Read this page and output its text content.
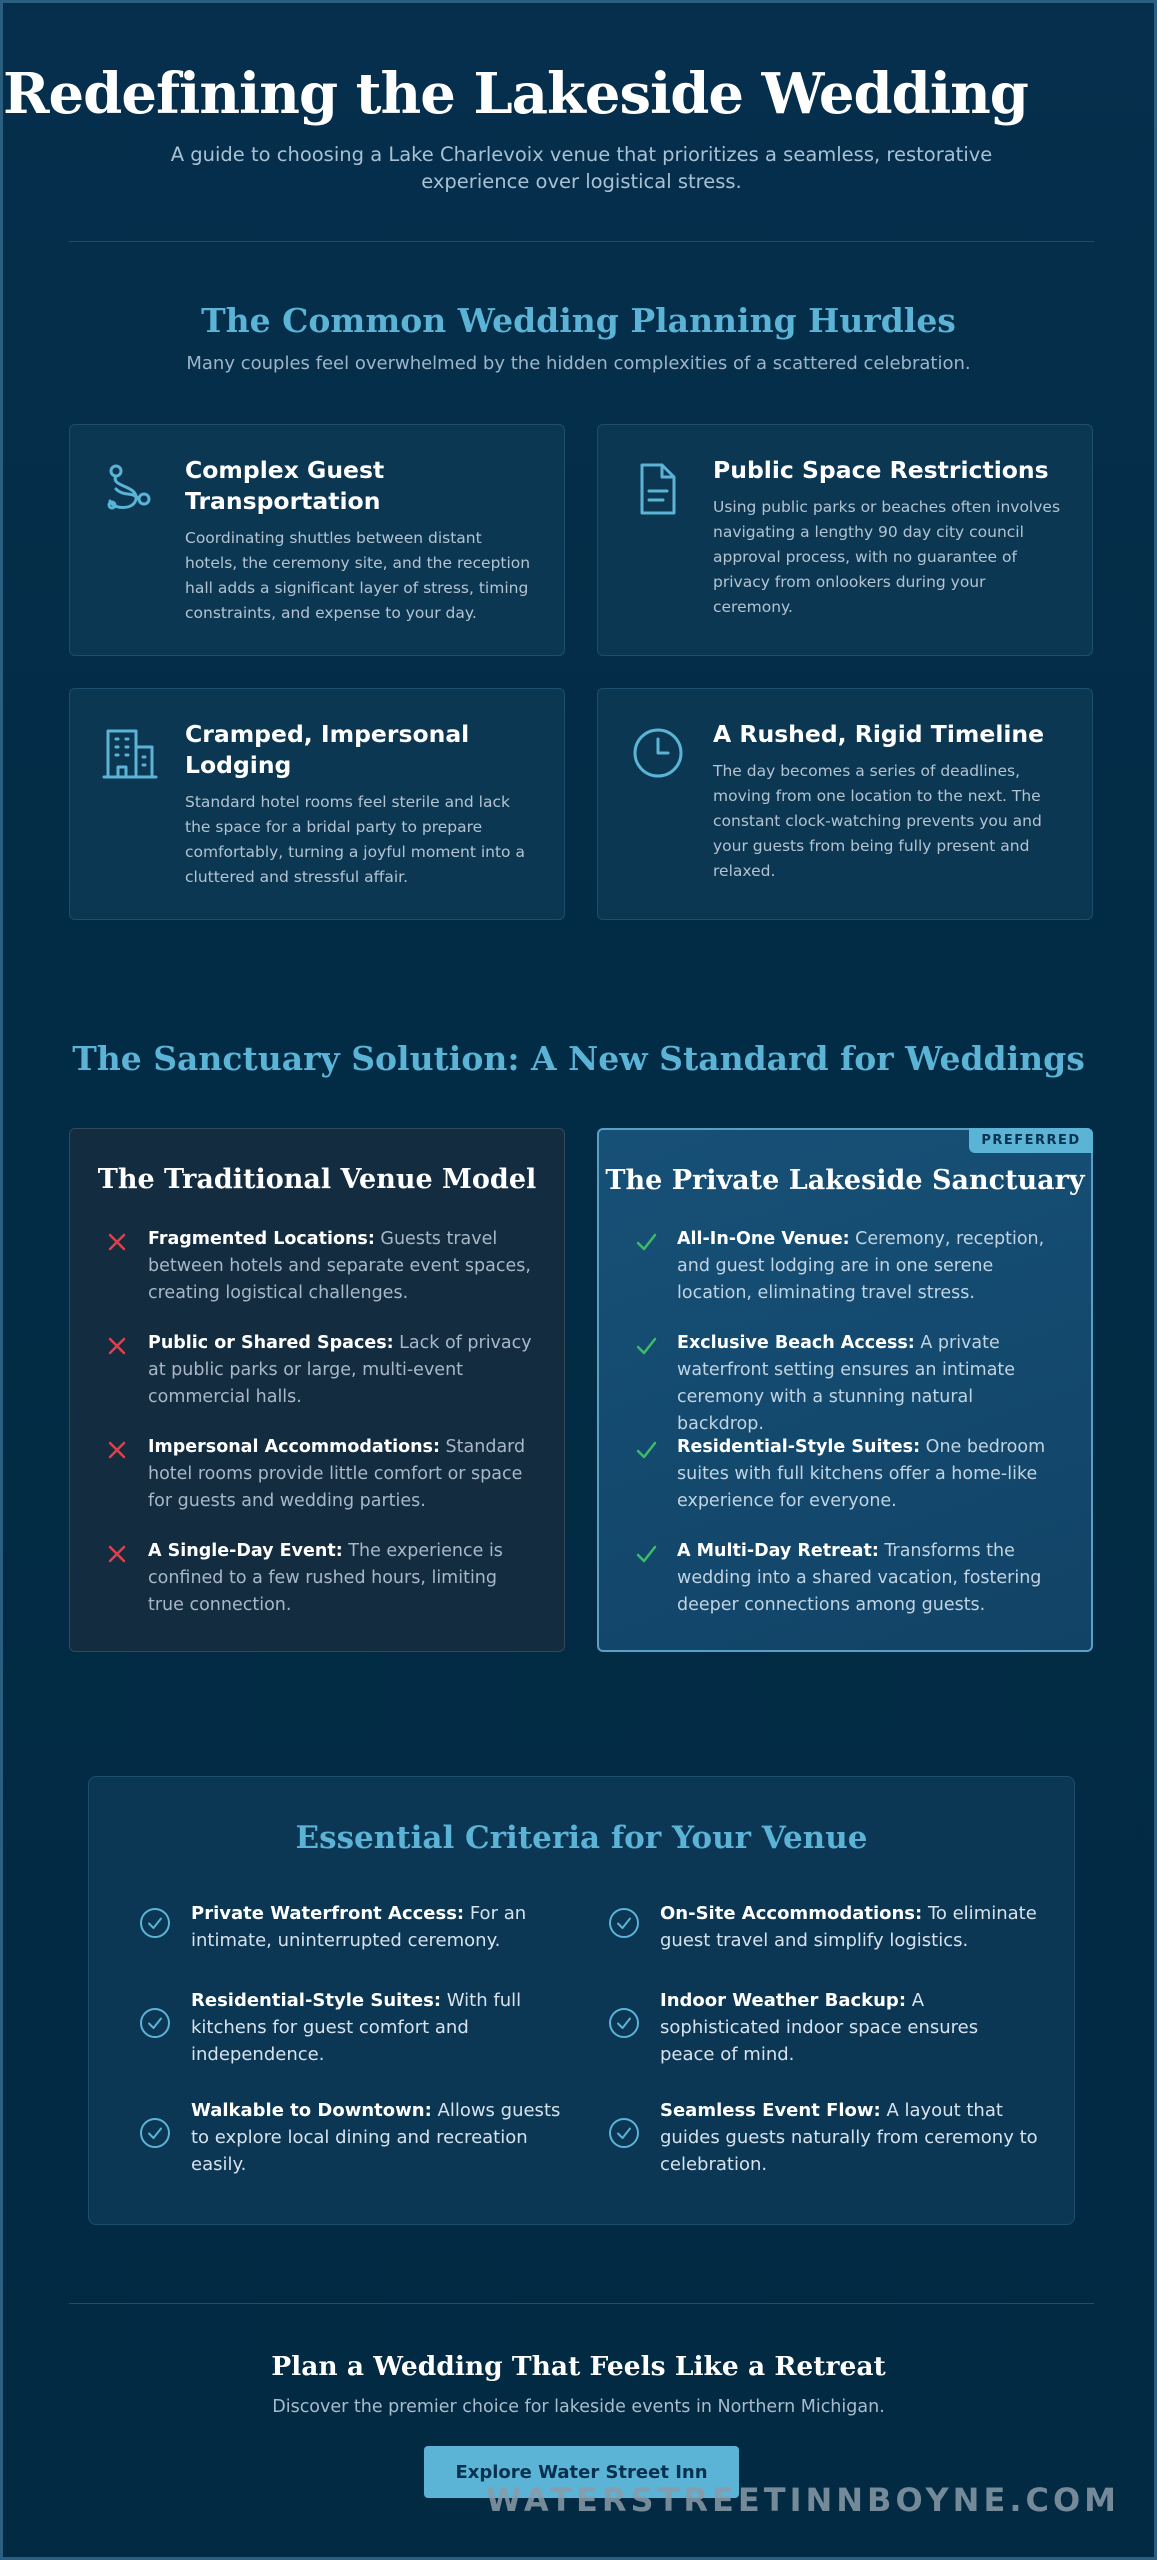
Redefining the Lakeside Wedding

A guide to choosing a Lake Charlevoix venue that prioritizes a seamless, restorative experience over logistical stress.

The Common Wedding Planning Hurdles

Many couples feel overwhelmed by the hidden complexities of a scattered celebration.

Complex Guest Transportation

Coordinating shuttles between distant hotels, the ceremony site, and the reception hall adds a significant layer of stress, timing constraints, and expense to your day.

Public Space Restrictions

Using public parks or beaches often involves navigating a lengthy 90 day city council approval process, with no guarantee of privacy from onlookers during your ceremony.

Cramped, Impersonal Lodging

Standard hotel rooms feel sterile and lack the space for a bridal party to prepare comfortably, turning a joyful moment into a cluttered and stressful affair.

A Rushed, Rigid Timeline

The day becomes a series of deadlines, moving from one location to the next. The constant clock-watching prevents you and your guests from being fully present and relaxed.

The Sanctuary Solution: A New Standard for Weddings
The Traditional Venue Model

Fragmented Locations: Guests travel between hotels and separate event spaces, creating logistical challenges.

Public or Shared Spaces: Lack of privacy at public parks or large, multi-event commercial halls.

Impersonal Accommodations: Standard hotel rooms provide little comfort or space for guests and wedding parties.

A Single-Day Event: The experience is confined to a few rushed hours, limiting true connection.

PREFERRED
The Private Lakeside Sanctuary

All-In-One Venue: Ceremony, reception, and guest lodging are in one serene location, eliminating travel stress.

Exclusive Beach Access: A private waterfront setting ensures an intimate ceremony with a stunning natural backdrop.

Residential-Style Suites: One bedroom suites with full kitchens offer a home-like experience for everyone.

A Multi-Day Retreat: Transforms the wedding into a shared vacation, fostering deeper connections among guests.

Essential Criteria for Your Venue

Private Waterfront Access: For an intimate, uninterrupted ceremony.

On-Site Accommodations: To eliminate guest travel and simplify logistics.

Residential-Style Suites: With full kitchens for guest comfort and independence.

Indoor Weather Backup: A sophisticated indoor space ensures peace of mind.

Walkable to Downtown: Allows guests to explore local dining and recreation easily.

Seamless Event Flow: A layout that guides guests naturally from ceremony to celebration.

Plan a Wedding That Feels Like a Retreat

Discover the premier choice for lakeside events in Northern Michigan.

Explore Water Street Inn

WATERSTREETINNBOYNE.COM
